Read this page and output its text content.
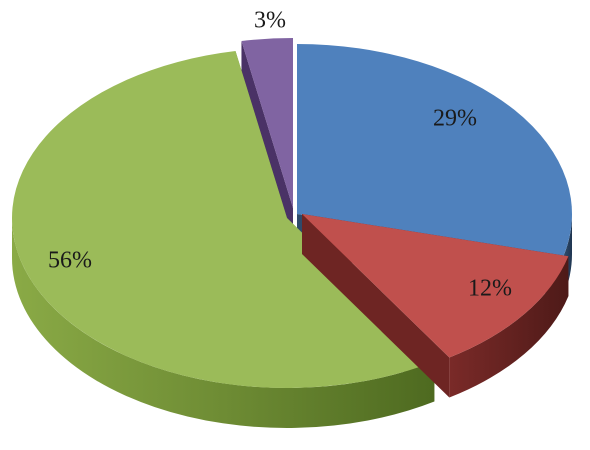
29%
12%
56%
3%
